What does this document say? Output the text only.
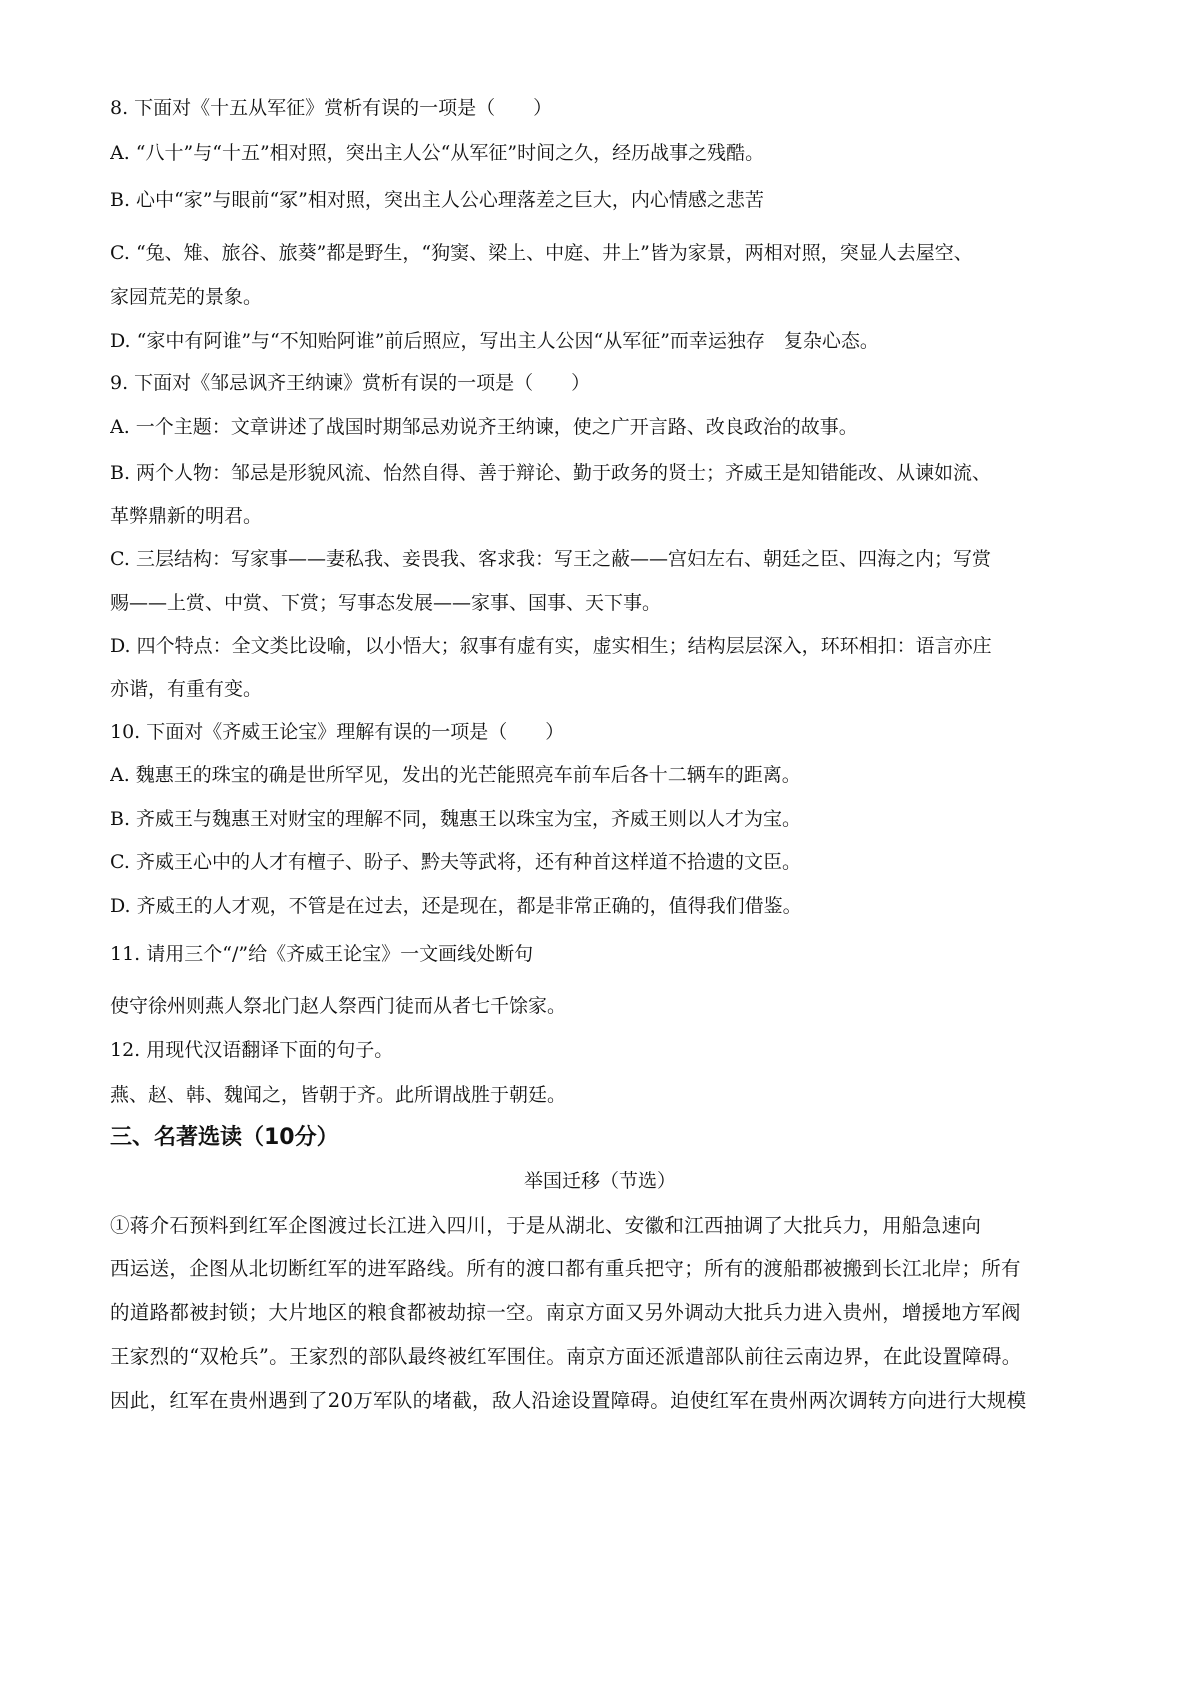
8. 下面对《十五从军征》赏析有误的一项是（　　）
A. “八十”与“十五”相对照，突出主人公“从军征”时间之久，经历战事之残酷。
B. 心中“家”与眼前“冢”相对照，突出主人公心理落差之巨大，内心情感之悲苦
C. “兔、雉、旅谷、旅葵”都是野生，“狗窦、梁上、中庭、井上”皆为家景，两相对照，突显人去屋空、
家园荒芜的景象。
D. “家中有阿谁”与“不知贻阿谁”前后照应，写出主人公因“从军征”而幸运独存　复杂心态。
9. 下面对《邹忌讽齐王纳谏》赏析有误的一项是（　　）
A. 一个主题：文章讲述了战国时期邹忌劝说齐王纳谏，使之广开言路、改良政治的故事。
B. 两个人物：邹忌是形貌风流、怡然自得、善于辩论、勤于政务的贤士；齐威王是知错能改、从谏如流、
革弊鼎新的明君。
C. 三层结构：写家事——妻私我、妾畏我、客求我：写王之蔽——宫妇左右、朝廷之臣、四海之内；写赏
赐——上赏、中赏、下赏；写事态发展——家事、国事、天下事。
D. 四个特点：全文类比设喻，以小悟大；叙事有虚有实，虚实相生；结构层层深入，环环相扣：语言亦庄
亦谐，有重有变。
10. 下面对《齐威王论宝》理解有误的一项是（　　）
A. 魏惠王的珠宝的确是世所罕见，发出的光芒能照亮车前车后各十二辆车的距离。
B. 齐威王与魏惠王对财宝的理解不同，魏惠王以珠宝为宝，齐威王则以人才为宝。
C. 齐威王心中的人才有檀子、盼子、黔夫等武将，还有种首这样道不拾遗的文臣。
D. 齐威王的人才观，不管是在过去，还是现在，都是非常正确的，值得我们借鉴。
11. 请用三个“/”给《齐威王论宝》一文画线处断句
使守徐州则燕人祭北门赵人祭西门徒而从者七千馀家。
12. 用现代汉语翻译下面的句子。
燕、赵、韩、魏闻之，皆朝于齐。此所谓战胜于朝廷。
三、名著选读（10分）
举国迁移（节选）
①蒋介石预料到红军企图渡过长江进入四川，于是从湖北、安徽和江西抽调了大批兵力，用船急速向
西运送，企图从北切断红军的进军路线。所有的渡口都有重兵把守；所有的渡船郡被搬到长江北岸；所有
的道路都被封锁；大片地区的粮食都被劫掠一空。南京方面又另外调动大批兵力进入贵州，增援地方军阀
王家烈的“双枪兵”。王家烈的部队最终被红军围住。南京方面还派遣部队前往云南边界，在此设置障碍。
因此，红军在贵州遇到了20万军队的堵截，敌人沿途设置障碍。迫使红军在贵州两次调转方向进行大规模
